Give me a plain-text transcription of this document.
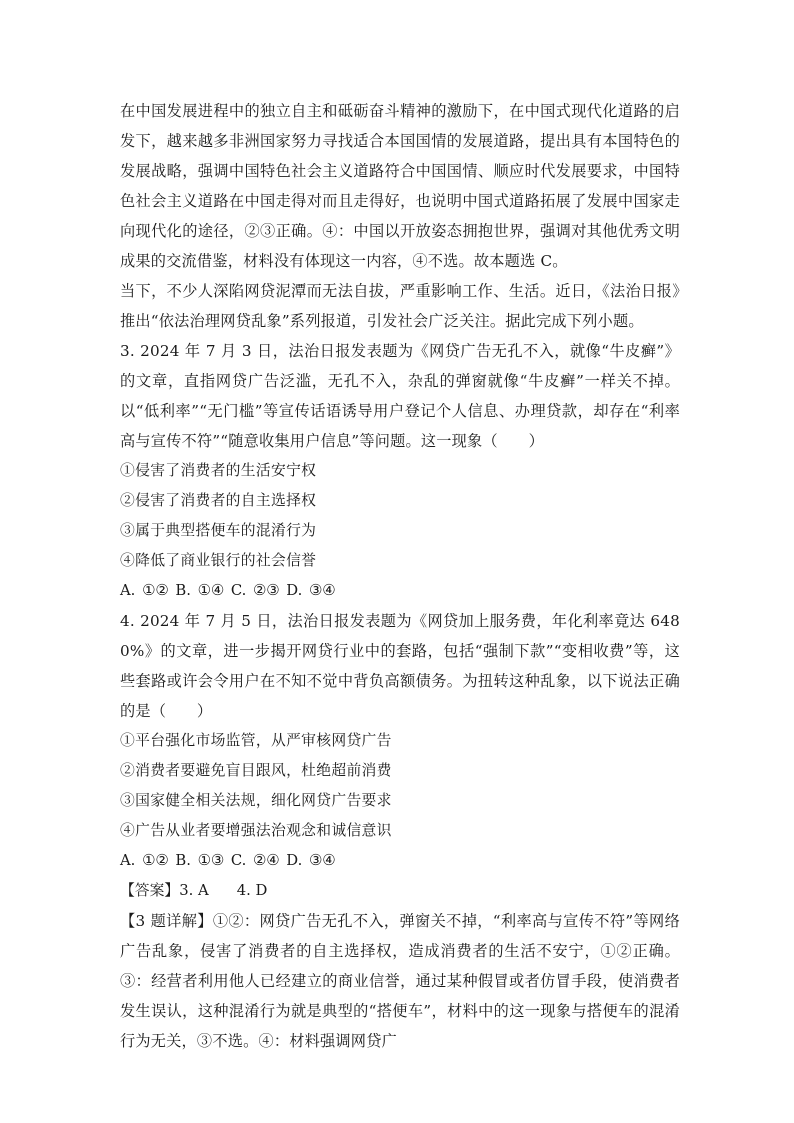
在中国发展进程中的独立自主和砥砺奋斗精神的激励下，在中国式现代化道路的启发下，越来越多非洲国家努力寻找适合本国国情的发展道路，提出具有本国特色的发展战略，强调中国特色社会主义道路符合中国国情、顺应时代发展要求，中国特色社会主义道路在中国走得对而且走得好，也说明中国式道路拓展了发展中国家走向现代化的途径，②③正确。④：中国以开放姿态拥抱世界，强调对其他优秀文明成果的交流借鉴，材料没有体现这一内容，④不选。故本题选 C。

当下，不少人深陷网贷泥潭而无法自拔，严重影响工作、生活。近日，《法治日报》推出“依法治理网贷乱象”系列报道，引发社会广泛关注。据此完成下列小题。

3. 2024 年 7 月 3 日，法治日报发表题为《网贷广告无孔不入，就像“牛皮癣”》的文章，直指网贷广告泛滥，无孔不入，杂乱的弹窗就像“牛皮癣”一样关不掉。以“低利率”“无门槛”等宣传话语诱导用户登记个人信息、办理贷款，却存在“利率高与宣传不符”“随意收集用户信息”等问题。这一现象（　　）

①侵害了消费者的生活安宁权

②侵害了消费者的自主选择权

③属于典型搭便车的混淆行为

④降低了商业银行的社会信誉

A. ①② B. ①④ C. ②③ D. ③④

4. 2024 年 7 月 5 日，法治日报发表题为《网贷加上服务费，年化利率竟达 6480%》的文章，进一步揭开网贷行业中的套路，包括“强制下款”“变相收费”等，这些套路或许会令用户在不知不觉中背负高额债务。为扭转这种乱象，以下说法正确的是（　　）

①平台强化市场监管，从严审核网贷广告

②消费者要避免盲目跟风，杜绝超前消费

③国家健全相关法规，细化网贷广告要求

④广告从业者要增强法治观念和诚信意识

A. ①② B. ①③ C. ②④ D. ③④

【答案】3. A 4. D

【3 题详解】①②：网贷广告无孔不入，弹窗关不掉，“利率高与宣传不符”等网络广告乱象，侵害了消费者的自主选择权，造成消费者的生活不安宁，①②正确。③：经营者利用他人已经建立的商业信誉，通过某种假冒或者仿冒手段，使消费者发生误认，这种混淆行为就是典型的“搭便车”，材料中的这一现象与搭便车的混淆行为无关，③不选。④：材料强调网贷广
